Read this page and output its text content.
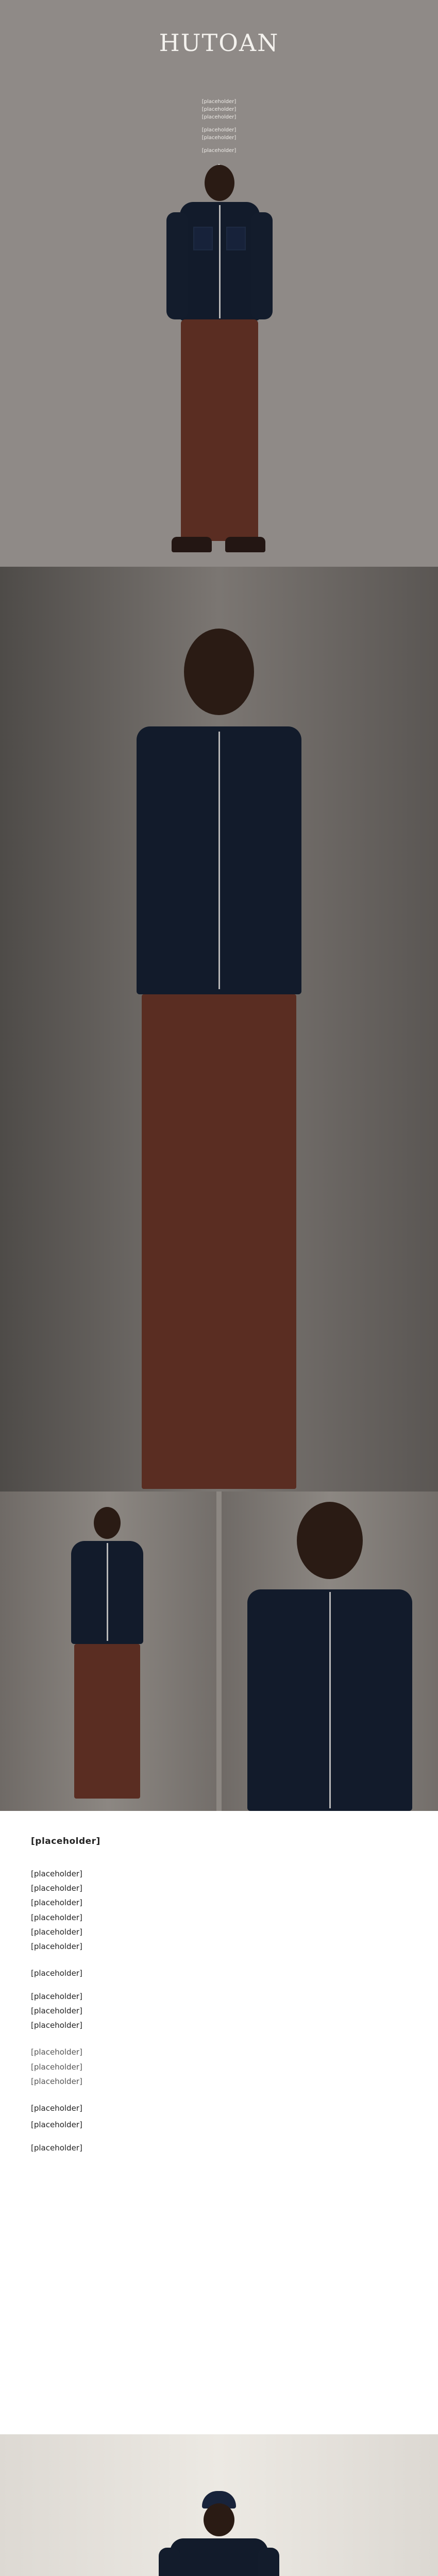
HUTOAN

[placeholder]
[placeholder]
[placeholder]

[placeholder]
[placeholder]

[placeholder]

[placeholder]
[placeholder]
[placeholder]
[placeholder]
[placeholder]
[placeholder]
[placeholder]

[placeholder]

[placeholder]
[placeholder]
[placeholder]
[placeholder]
[placeholder]
[placeholder]

[placeholder]

[placeholder]

[placeholder]
